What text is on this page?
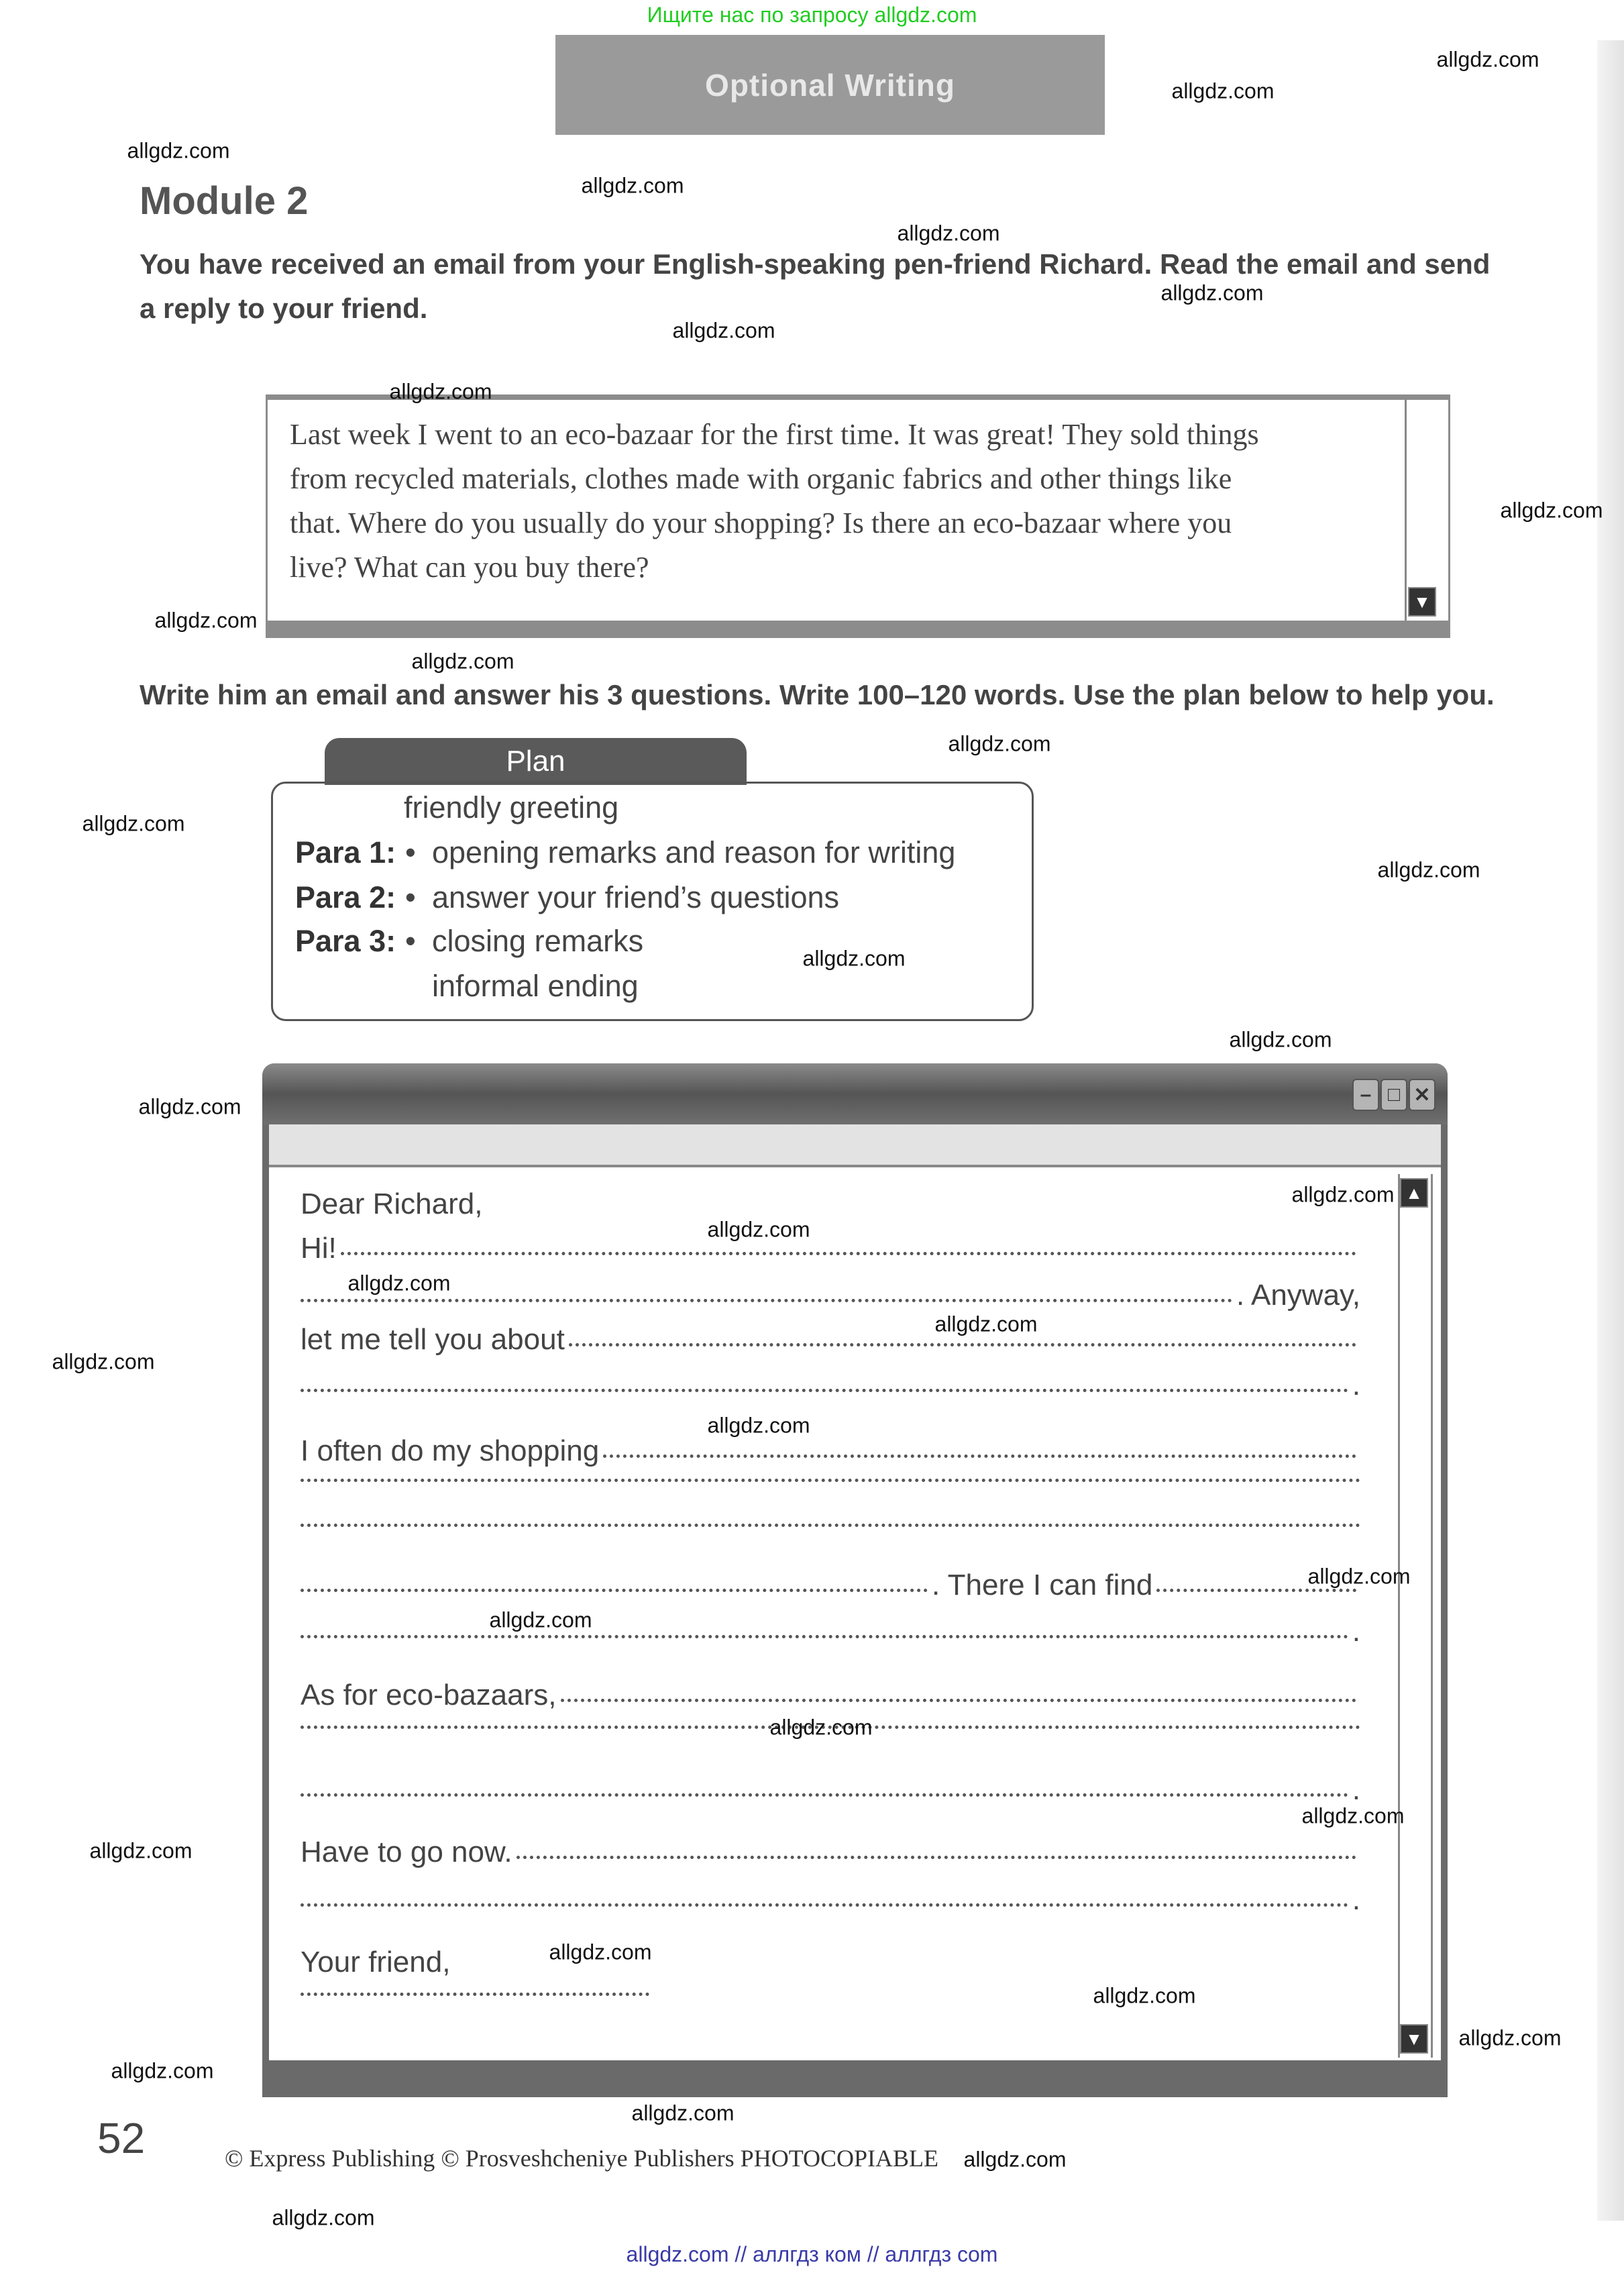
Ищите нас по запросу allgdz.com
Optional Writing
Module 2
You have received an email from your English-speaking pen-friend Richard. Read the email and send
a reply to your friend.
▼
Last week I went to an eco-bazaar for the first time. It was great! They sold things
from recycled materials, clothes made with organic fabrics and other things like
that. Where do you usually do your shopping? Is there an eco-bazaar where you
live? What can you buy there?
Write him an email and answer his 3 questions. Write 100–120 words. Use the plan below to help you.
Plan
friendly greeting
Para 1: • opening remarks and reason for writing
Para 2: • answer your friend’s questions
Para 3: • closing remarks
informal ending
– □ ✕
▲
▼
Dear Richard,
Hi!
. Anyway,
let me tell you about
.
I often do my shopping
. There I can find
.
As for eco-bazaars,
.
Have to go now.
.
Your friend,
52	© Express Publishing © Prosveshcheniye Publishers PHOTOCOPIABLE
allgdz.com // аллгдз ком // аллгдз com
allgdz.com
allgdz.com
allgdz.com
allgdz.com
allgdz.com
allgdz.com
allgdz.com
allgdz.com
allgdz.com
allgdz.com
allgdz.com
allgdz.com
allgdz.com
allgdz.com
allgdz.com
allgdz.com
allgdz.com
allgdz.com
allgdz.com
allgdz.com
allgdz.com
allgdz.com
allgdz.com
allgdz.com
allgdz.com
allgdz.com
allgdz.com
allgdz.com
allgdz.com
allgdz.com
allgdz.com
allgdz.com
allgdz.com
allgdz.com
allgdz.com
